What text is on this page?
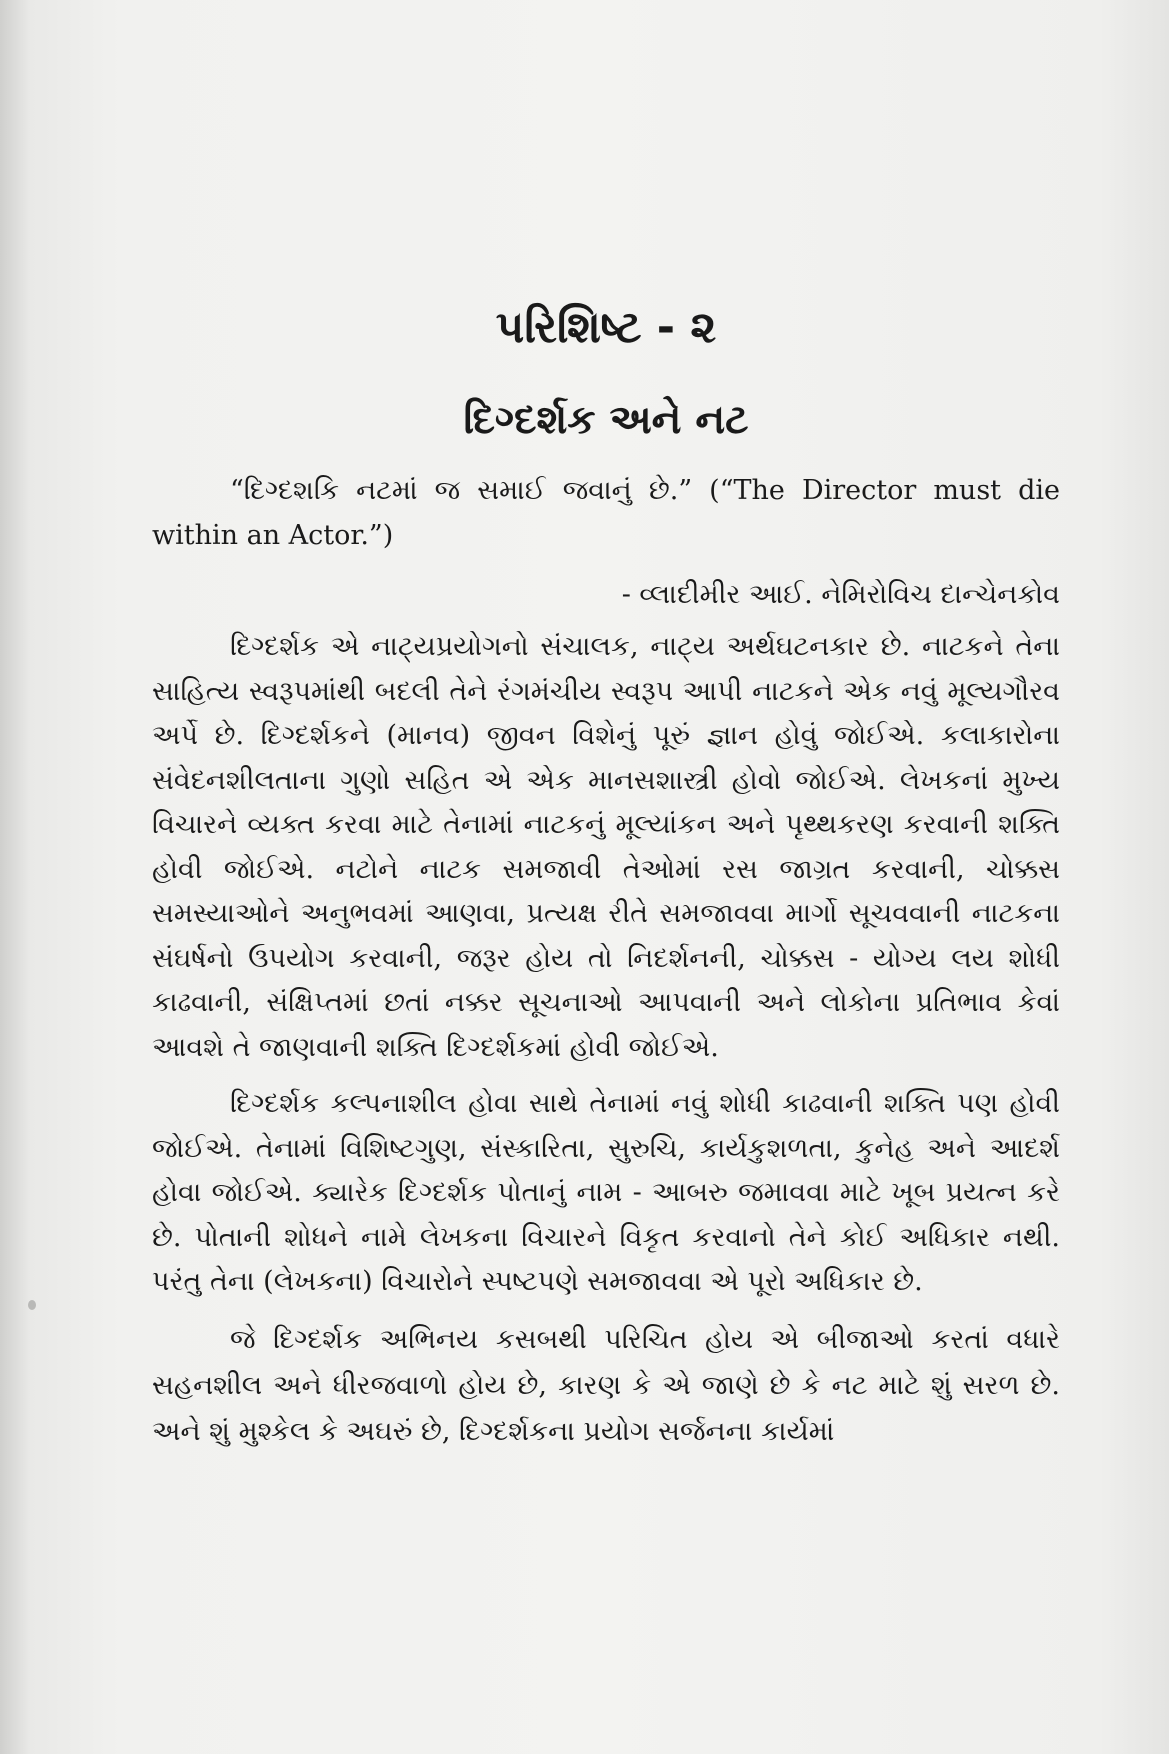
પરિશિષ્ટ - ૨
દિગ્દર્શક અને નટ

“દિગ્દશકિ નટમાં જ સમાઈ જવાનું છે.” (“The Director must die within an Actor.”)

- વ્લાદીમીર આઈ. નેમિરોવિચ દાન્ચેનકોવ

દિગ્દર્શક એ નાટ્યપ્રયોગનો સંચાલક, નાટ્ય અર્થઘટનકાર છે. નાટકને તેના સાહિત્ય સ્વરૂપમાંથી બદલી તેને રંગમંચીય સ્વરૂપ આપી નાટકને એક નવું મૂલ્યગૌરવ અર્પે છે. દિગ્દર્શકને (માનવ) જીવન વિશેનું પૂરું જ્ઞાન હોવું જોઈએ. કલાકારોના સંવેદનશીલતાના ગુણો સહિત એ એક માનસશાસ્ત્રી હોવો જોઈએ. લેખકનાં મુખ્ય વિચારને વ્યક્ત કરવા માટે તેનામાં નાટકનું મૂલ્યાંકન અને પૃથ્થકરણ કરવાની શક્તિ હોવી જોઈએ. નટોને નાટક સમજાવી તેઓમાં રસ જાગ્રત કરવાની, ચોક્કસ સમસ્યાઓને અનુભવમાં આણવા, પ્રત્યક્ષ રીતે સમજાવવા માર્ગો સૂચવવાની નાટકના સંઘર્ષનો ઉપયોગ કરવાની, જરૂર હોય તો નિદર્શનની, ચોક્કસ - યોગ્ય લય શોધી કાઢવાની, સંક્ષિપ્તમાં છતાં નક્કર સૂચનાઓ આપવાની અને લોકોના પ્રતિભાવ કેવાં આવશે તે જાણવાની શક્તિ દિગ્દર્શકમાં હોવી જોઈએ.

દિગ્દર્શક કલ્પનાશીલ હોવા સાથે તેનામાં નવું શોધી કાઢવાની શક્તિ પણ હોવી જોઈએ. તેનામાં વિશિષ્ટગુણ, સંસ્કારિતા, સુરુચિ, કાર્યકુશળતા, કુનેહ અને આદર્શ હોવા જોઈએ. ક્યારેક દિગ્દર્શક પોતાનું નામ - આબરુ જમાવવા માટે ખૂબ પ્રયત્ન કરે છે. પોતાની શોધને નામે લેખકના વિચારને વિકૃત કરવાનો તેને કોઈ અધિકાર નથી. પરંતુ તેના (લેખકના) વિચારોને સ્પષ્ટપણે સમજાવવા એ પૂરો અધિકાર છે.

જે દિગ્દર્શક અભિનય કસબથી પરિચિત હોય એ બીજાઓ કરતાં વધારે સહનશીલ અને ધીરજવાળો હોય છે, કારણ કે એ જાણે છે કે નટ માટે શું સરળ છે. અને શું મુશ્કેલ કે અઘરું છે, દિગ્દર્શકના પ્રયોગ સર્જનના કાર્યમાં
